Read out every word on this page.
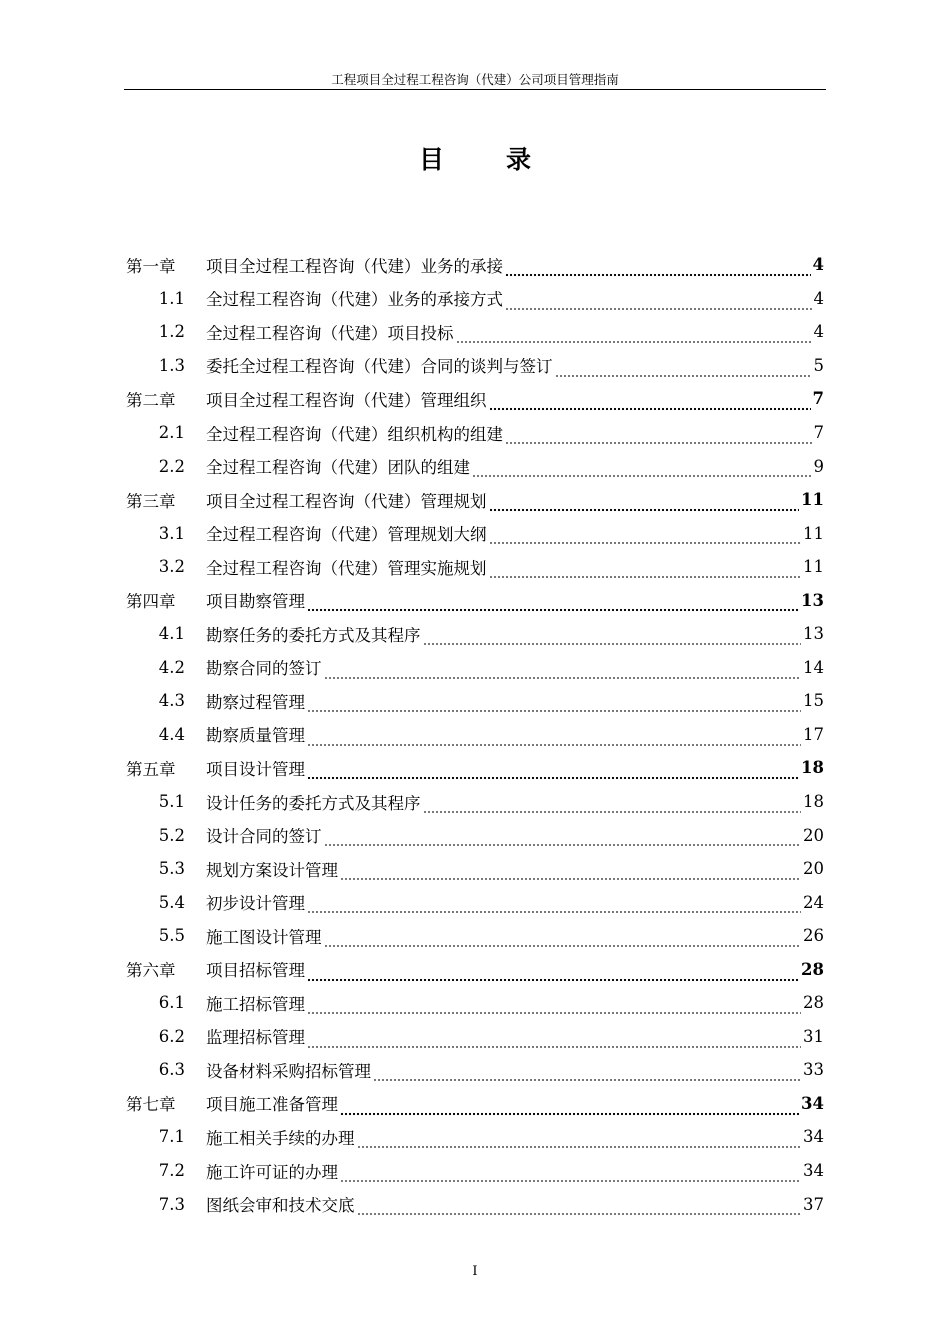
工程项目全过程工程咨询（代建）公司项目管理指南
目录
第一章	项目全过程工程咨询（代建）业务的承接	4
1.1 全过程工程咨询（代建）业务的承接方式	4
1.2 全过程工程咨询（代建）项目投标	4
1.3 委托全过程工程咨询（代建）合同的谈判与签订	5
第二章	项目全过程工程咨询（代建）管理组织	7
2.1 全过程工程咨询（代建）组织机构的组建	7
2.2 全过程工程咨询（代建）团队的组建	9
第三章	项目全过程工程咨询（代建）管理规划	11
3.1 全过程工程咨询（代建）管理规划大纲	11
3.2 全过程工程咨询（代建）管理实施规划	11
第四章	项目勘察管理	13
4.1 勘察任务的委托方式及其程序	13
4.2 勘察合同的签订	14
4.3 勘察过程管理	15
4.4 勘察质量管理	17
第五章	项目设计管理	18
5.1 设计任务的委托方式及其程序	18
5.2 设计合同的签订	20
5.3 规划方案设计管理	20
5.4 初步设计管理	24
5.5 施工图设计管理	26
第六章	项目招标管理	28
6.1 施工招标管理	28
6.2 监理招标管理	31
6.3 设备材料采购招标管理	33
第七章	项目施工准备管理	34
7.1 施工相关手续的办理	34
7.2 施工许可证的办理	34
7.3 图纸会审和技术交底	37
I
